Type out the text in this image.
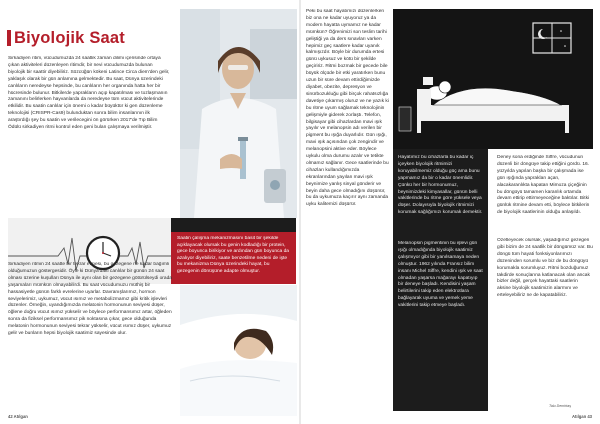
Biyolojik Saat
Sirkadiyen ritim, vücudumuzda 24 saatlik zaman dilimi içerisinde ortaya çıkan aktiviteleri düzenleyen ritimdir, bir nevi vücudumuzda bulunan biyolojik bir saattir diyebiliriz. Sözcüğün kökeni Latince Circa diem'den gelir, yaklaşık olarak bir gün anlamına gelmektedir. Bu saat, Dünya üzerindeki canlıların neredeyse hepsinde, bu canlıların her organında hatta her bir hücresinde bulunur. Bitkilerde yaprakların açıp kapatılması ve tozlaşmanın zamanını belirlerken hayvanlarda da neredeyse tüm vücut aktivitelerinde etkilidir. Bu saatin canlılar için önemi o kadar büyüktür ki gen düzenleme teknolojisi (CRISPR-Cas9) bulunduktan sonra bilim insanlarının ilk araştırdığı şey bu saatin ve verilecegini ön görürken 2017'de Tıp Bilim Ödülü sirkadiyen ritmi kontrol eden geni bulan çalışmaya verilmiştir.
Saatin çalışma mekanizmasını basit bir şekilde açıklayacak olursak bu genin kodladığı bir protein, gece boyunca birikiyor ve ardından gün boyunca da azalıyor diyebiliriz, saate benzetilme nedeni de işte bu mekanizma Dünya üzerindeki hayat, bu gezegenin dönüşüne adapte olmuştur.
Sirkadiyen ritmin 24 saatte bir tekrar etmesi, bu gezegene ne kadar bağımlı olduğumuzun göstergesidir. Öyle ki Dünya'daki canlılar bir günün 24 saat olması üzerine kuşulları Dünya ile aynı olan bir gezegene götürülseydi orada yaşamaları mümkün olmayabilirdi. Bu saat vücudumuzu müthiş bir hassasiyetle günün farklı evrelerine uyarlar. Davranışlarımız, hormon seviyelerimiz, uykumuz, vücut ısımız ve metabolizmamız gibi kritik işlevleri düzenler. Örneğin, uyandığımızda melatonin hormonunun seviyesi düşer, öğlene doğru vücut ısımız yükselir ve böylece performansımız artar, öğleden sonra da fiziksel performansımız pik noktasına çıkar, gece olduğunda melatonin hormonunun seviyesi tekrar yükselir, vücut ısımız düşer, uykumuz gelir ve bunların hepsi biyolojik saatimiz sayesinde olur.
Peki bu saat hayatımızı düzenlerken biz ona ne kadar uyuyoruz ya da modern hayatta uymamız ne kadar mümkün? Öğrenimizi son teslim tarihi geliştiği ya da ders sınavları varken hepimiz geç saatlere kadar uyanık kalmışızdır. Böyle bir durumda ertesi günü uykusuz ve kötü bir şekilde geçiririz. Ritmi bozmak bir gecede bile büyük ölçüde bir etki yaratırken bunu uzun bir süre devam ettirdiğimizde diyabet, obezite, depresyon ve sinürbozukluğu gibi birçok rahatsızlığa davetiye çıkarmış oluruz ve ne yazık ki bu ritme uyum sağlamak teknolojinin gelişmiyle giderek zorlaştı. Telefon, bilgisayar gibi cihazlardan mavi ışık yayılır ve melanopsin adı verilen bir pigment bu ışığa duyarlıdır. Gün ışığı, mavi ışık açısından çok zengindir ve melanopsini aktive eder. Böylece uykulu olma durumu azalır ve tetikte olmamız sağlanır. Gece saatlerinde bu cihazları kullandığımızda ekranlarından yayılan mavi ışık beynimize yanlış sinyal gönderir ve beyin daha gece olmadığını düşünür, bu da uykumuza kaçırır aynı zamanda uyku kalitemizi düşürür.
Hayatımız bu cihazlarla bu kadar iç içeyken biyolojik ritmimizi koruyabilmemiz olduğu güç ama bunu yapmamız da bir o kadar önemlidir. Çünkü her bir hormonumuz, beynimizdeki kimyasallar, günün belli vakitlerinde bu ritme göre yüksele veya düşer. Dolayısıyla biyolojik ritmimizi korumak sağlığımızı korumak demektir.
Melanopsin pigmentinin bu işlevi gün ışığı olmadığında biyolojik saatimiz çalışmıyor gibi bir yanılsamaya neden olmuştur. 1962 yılında Fransız bilim insanı Michel Siffre, kendini ışık ve saat olmadan yaşarsa mağarayı kapatıyıp bir deneye başladı. Kendisini yaşam belirtilerini takip eden elektrotlara bağlayarak uyuma ve yemek yeme vakitlerini takip etmeye başladı.
Deney sona erdiğinde Siffre, vücudunun düzenli bir döngüye takip ettiğini gördü. 16. yüzyılda yapılan başka bir çalışmada ise gün ışığında yaprakları açan, alacakaranlıkta kapatan Mimoza çiçeğinin bu döngüyü tamamen karanlık ortamda devam ettirip ettirmeyeceğine baktılar. Bitki günlük ritmine devam etti, böylece bitkilerin de biyolojik saatlerinin olduğu anlaşıldı.
Özetleyecek olursak, yaşadığımız gezegen gibi bizim de 24 saatlik bir döngümüz var. Bu döngü tüm hayati fonksiyonlarımızı düzeninden sorumlu ve biz de bu döngüyü korumakla sorumluyuz. Ritmi bozduğumuz takdirde sonuçlarına katlanacak olan ancak bizler değil, gerçek hayattaki saatlerin aksine biyolojik saatimizin alarmını ve erteleyebiliriz ne de kapatabiliriz.
Talu Demirtaş
42 Atılgan	Atılgan 43
